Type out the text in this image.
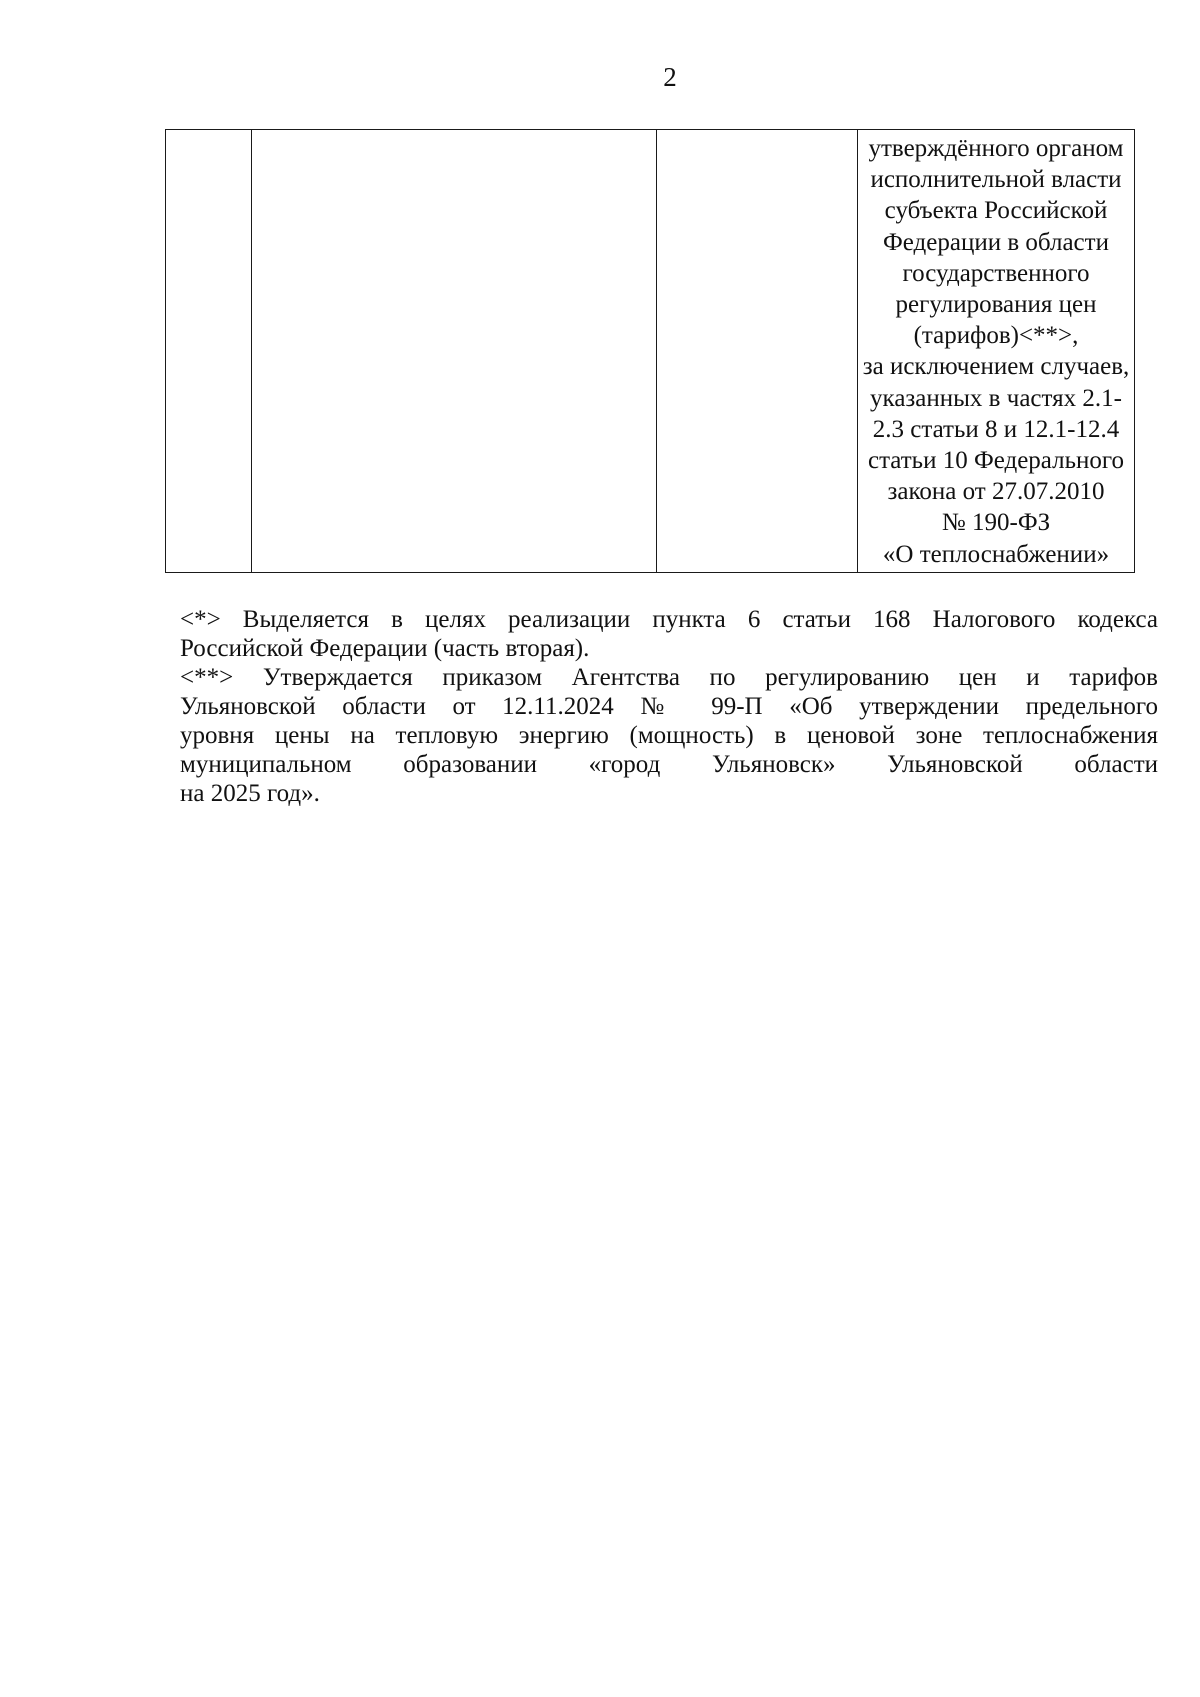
2

утверждённого органом
исполнительной власти
субъекта Российской
Федерации в области
государственного
регулирования цен
(тарифов)<**>,
за исключением случаев,
указанных в частях 2.1-
2.3 статьи 8 и 12.1-12.4
статьи 10 Федерального
закона от 27.07.2010
№ 190-ФЗ
«О теплоснабжении»
<*> Выделяется в целях реализации пункта 6 статьи 168 Налогового кодекса
Российской Федерации (часть вторая).
<**> Утверждается приказом Агентства по регулированию цен и тарифов
Ульяновской области от 12.11.2024 № 99-П «Об утверждении предельного
уровня цены на тепловую энергию (мощность) в ценовой зоне теплоснабжения
муниципальном образовании «город Ульяновск» Ульяновской области
на 2025 год».
